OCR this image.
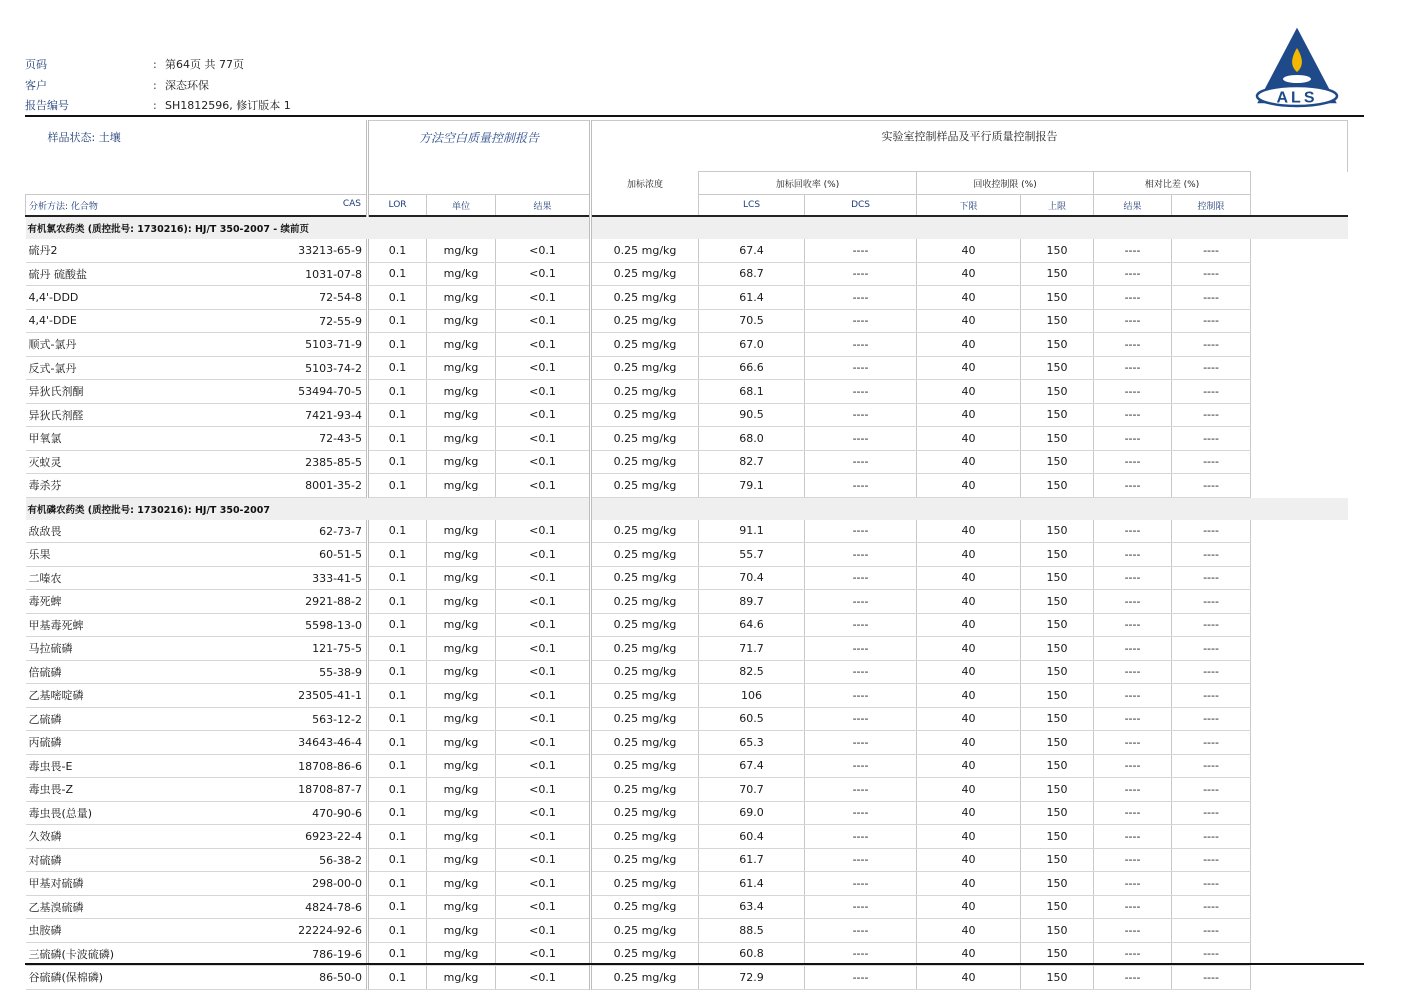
页码	: 第64页 共 77页
客户	: 深态环保
报告编号	: SH1812596, 修订版本 1	ALS
样品状态: 土壤	方法空白质量控制报告			实验室控制样品及平行质量控制报告						
				加标浓度	加标回收率 (%)		回收控制限 (%)		相对比差 (%)	
分析方法: 化合物 CAS	LOR	单位	结果		LCS	DCS	下限	上限	结果	控制限
有机氯农药类 (质控批号: 1730216): HJ/T 350-2007 - 续前页										
硫丹2 33213-65-9	0.1	mg/kg	<0.1	0.25 mg/kg	67.4	----	40	150	----	----
硫丹 硫酸盐 1031-07-8	0.1	mg/kg	<0.1	0.25 mg/kg	68.7	----	40	150	----	----
4,4'-DDD 72-54-8	0.1	mg/kg	<0.1	0.25 mg/kg	61.4	----	40	150	----	----
4,4'-DDE 72-55-9	0.1	mg/kg	<0.1	0.25 mg/kg	70.5	----	40	150	----	----
顺式-氯丹 5103-71-9	0.1	mg/kg	<0.1	0.25 mg/kg	67.0	----	40	150	----	----
反式-氯丹 5103-74-2	0.1	mg/kg	<0.1	0.25 mg/kg	66.6	----	40	150	----	----
异狄氏剂酮 53494-70-5	0.1	mg/kg	<0.1	0.25 mg/kg	68.1	----	40	150	----	----
异狄氏剂醛 7421-93-4	0.1	mg/kg	<0.1	0.25 mg/kg	90.5	----	40	150	----	----
甲氧氯 72-43-5	0.1	mg/kg	<0.1	0.25 mg/kg	68.0	----	40	150	----	----
灭蚁灵 2385-85-5	0.1	mg/kg	<0.1	0.25 mg/kg	82.7	----	40	150	----	----
毒杀芬 8001-35-2	0.1	mg/kg	<0.1	0.25 mg/kg	79.1	----	40	150	----	----
有机磷农药类 (质控批号: 1730216): HJ/T 350-2007										
敌敌畏 62-73-7	0.1	mg/kg	<0.1	0.25 mg/kg	91.1	----	40	150	----	----
乐果 60-51-5	0.1	mg/kg	<0.1	0.25 mg/kg	55.7	----	40	150	----	----
二嗪农 333-41-5	0.1	mg/kg	<0.1	0.25 mg/kg	70.4	----	40	150	----	----
毒死蜱 2921-88-2	0.1	mg/kg	<0.1	0.25 mg/kg	89.7	----	40	150	----	----
甲基毒死蜱 5598-13-0	0.1	mg/kg	<0.1	0.25 mg/kg	64.6	----	40	150	----	----
马拉硫磷 121-75-5	0.1	mg/kg	<0.1	0.25 mg/kg	71.7	----	40	150	----	----
倍硫磷 55-38-9	0.1	mg/kg	<0.1	0.25 mg/kg	82.5	----	40	150	----	----
乙基嘧啶磷 23505-41-1	0.1	mg/kg	<0.1	0.25 mg/kg	106	----	40	150	----	----
乙硫磷 563-12-2	0.1	mg/kg	<0.1	0.25 mg/kg	60.5	----	40	150	----	----
丙硫磷 34643-46-4	0.1	mg/kg	<0.1	0.25 mg/kg	65.3	----	40	150	----	----
毒虫畏-E 18708-86-6	0.1	mg/kg	<0.1	0.25 mg/kg	67.4	----	40	150	----	----
毒虫畏-Z 18708-87-7	0.1	mg/kg	<0.1	0.25 mg/kg	70.7	----	40	150	----	----
毒虫畏(总量) 470-90-6	0.1	mg/kg	<0.1	0.25 mg/kg	69.0	----	40	150	----	----
久效磷 6923-22-4	0.1	mg/kg	<0.1	0.25 mg/kg	60.4	----	40	150	----	----
对硫磷 56-38-2	0.1	mg/kg	<0.1	0.25 mg/kg	61.7	----	40	150	----	----
甲基对硫磷 298-00-0	0.1	mg/kg	<0.1	0.25 mg/kg	61.4	----	40	150	----	----
乙基溴硫磷 4824-78-6	0.1	mg/kg	<0.1	0.25 mg/kg	63.4	----	40	150	----	----
虫胺磷 22224-92-6	0.1	mg/kg	<0.1	0.25 mg/kg	88.5	----	40	150	----	----
三硫磷(卡波硫磷) 786-19-6	0.1	mg/kg	<0.1	0.25 mg/kg	60.8	----	40	150	----	----
谷硫磷(保棉磷) 86-50-0	0.1	mg/kg	<0.1	0.25 mg/kg	72.9	----	40	150	----	----
